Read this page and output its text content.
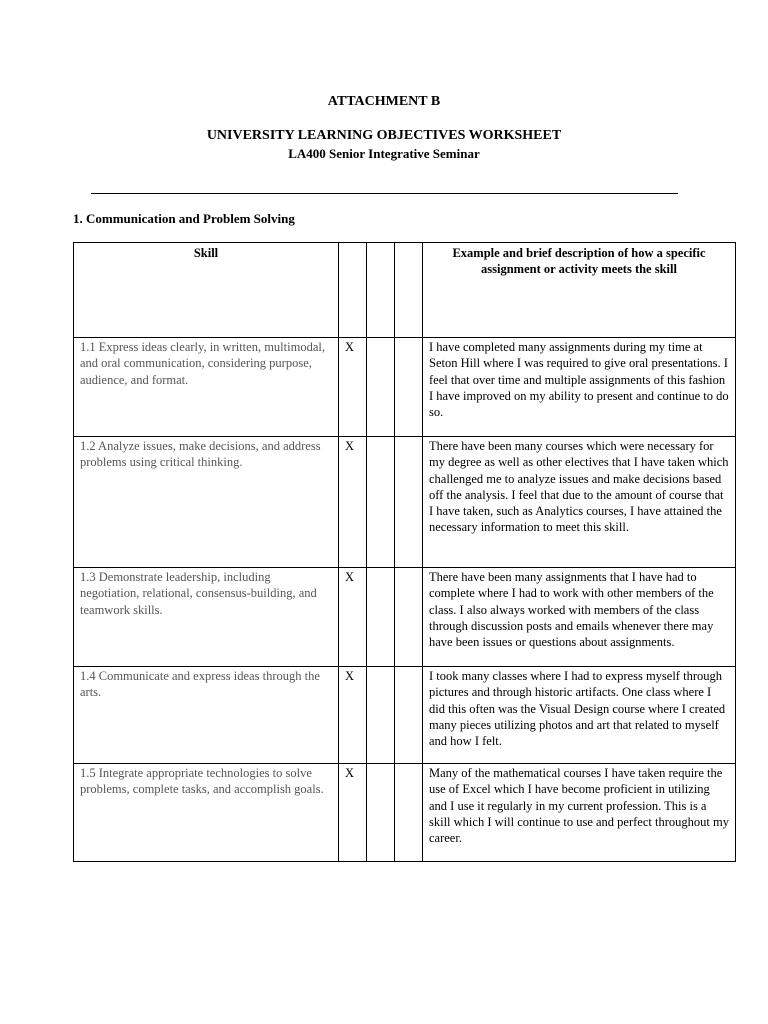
ATTACHMENT B
UNIVERSITY LEARNING OBJECTIVES WORKSHEET
LA400 Senior Integrative Seminar
1. Communication and Problem Solving
Skill				Example and brief description of how a specific assignment or activity meets the skill
1.1 Express ideas clearly, in written, multimodal, and oral communication, considering purpose, audience, and format.	X			I have completed many assignments during my time at Seton Hill where I was required to give oral presentations. I feel that over time and multiple assignments of this fashion I have improved on my ability to present and continue to do so.
1.2 Analyze issues, make decisions, and address problems using critical thinking.	X			There have been many courses which were necessary for my degree as well as other electives that I have taken which challenged me to analyze issues and make decisions based off the analysis. I feel that due to the amount of course that I have taken, such as Analytics courses, I have attained the necessary information to meet this skill.
1.3 Demonstrate leadership, including negotiation, relational, consensus-building, and teamwork skills.	X			There have been many assignments that I have had to complete where I had to work with other members of the class. I also always worked with members of the class through discussion posts and emails whenever there may have been issues or questions about assignments.
1.4 Communicate and express ideas through the arts.	X			I took many classes where I had to express myself through pictures and through historic artifacts. One class where I did this often was the Visual Design course where I created many pieces utilizing photos and art that related to myself and how I felt.
1.5 Integrate appropriate technologies to solve problems, complete tasks, and accomplish goals.	X			Many of the mathematical courses I have taken require the use of Excel which I have become proficient in utilizing and I use it regularly in my current profession. This is a skill which I will continue to use and perfect throughout my career.
